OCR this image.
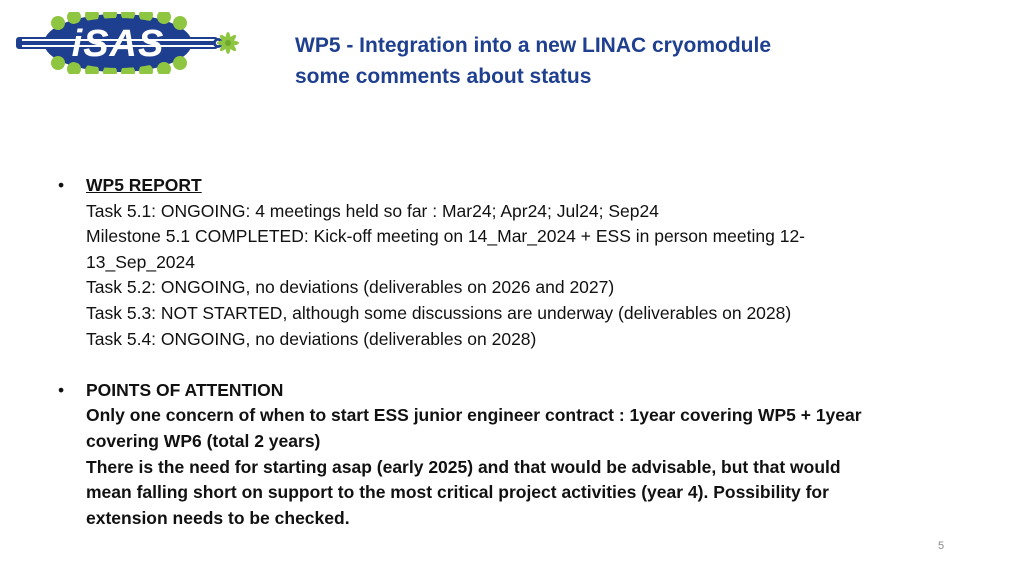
iSAS	WP5 - Integration into a new LINAC cryomodule
some comments about status
• WP5 REPORT
Task 5.1: ONGOING: 4 meetings held so far : Mar24; Apr24; Jul24; Sep24
Milestone 5.1 COMPLETED: Kick-off meeting on 14_Mar_2024 + ESS in person meeting 12-
13_Sep_2024
Task 5.2: ONGOING, no deviations (deliverables on 2026 and 2027)
Task 5.3: NOT STARTED, although some discussions are underway (deliverables on 2028)
Task 5.4: ONGOING, no deviations (deliverables on 2028)
• POINTS OF ATTENTION
Only one concern of when to start ESS junior engineer contract : 1year covering WP5 + 1year
covering WP6 (total 2 years)
There is the need for starting asap (early 2025) and that would be advisable, but that would
mean falling short on support to the most critical project activities (year 4). Possibility for
extension needs to be checked.
5
